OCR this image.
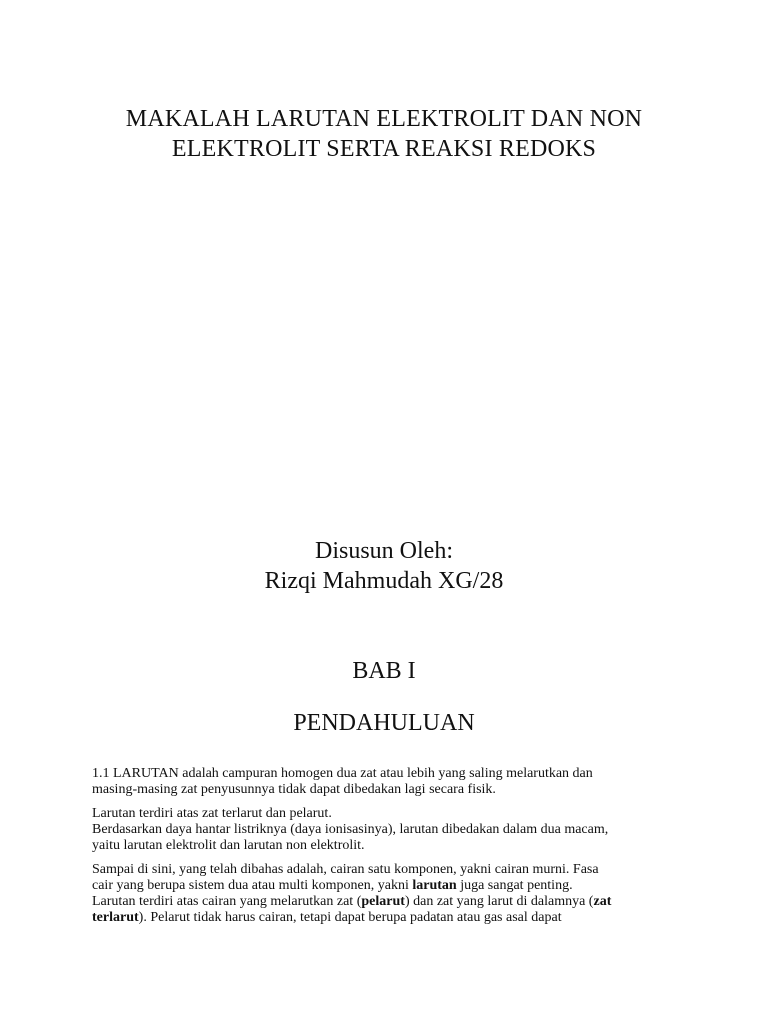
MAKALAH LARUTAN ELEKTROLIT DAN NON
ELEKTROLIT SERTA REAKSI REDOKS
Disusun Oleh:
Rizqi Mahmudah XG/28
BAB I
PENDAHULUAN

1.1 LARUTAN adalah campuran homogen dua zat atau lebih yang saling melarutkan dan
masing-masing zat penyusunnya tidak dapat dibedakan lagi secara fisik.

Larutan terdiri atas zat terlarut dan pelarut.
Berdasarkan daya hantar listriknya (daya ionisasinya), larutan dibedakan dalam dua macam,
yaitu larutan elektrolit dan larutan non elektrolit.

Sampai di sini, yang telah dibahas adalah, cairan satu komponen, yakni cairan murni. Fasa
cair yang berupa sistem dua atau multi komponen, yakni larutan juga sangat penting.
Larutan terdiri atas cairan yang melarutkan zat (pelarut) dan zat yang larut di dalamnya (zat
terlarut). Pelarut tidak harus cairan, tetapi dapat berupa padatan atau gas asal dapat
